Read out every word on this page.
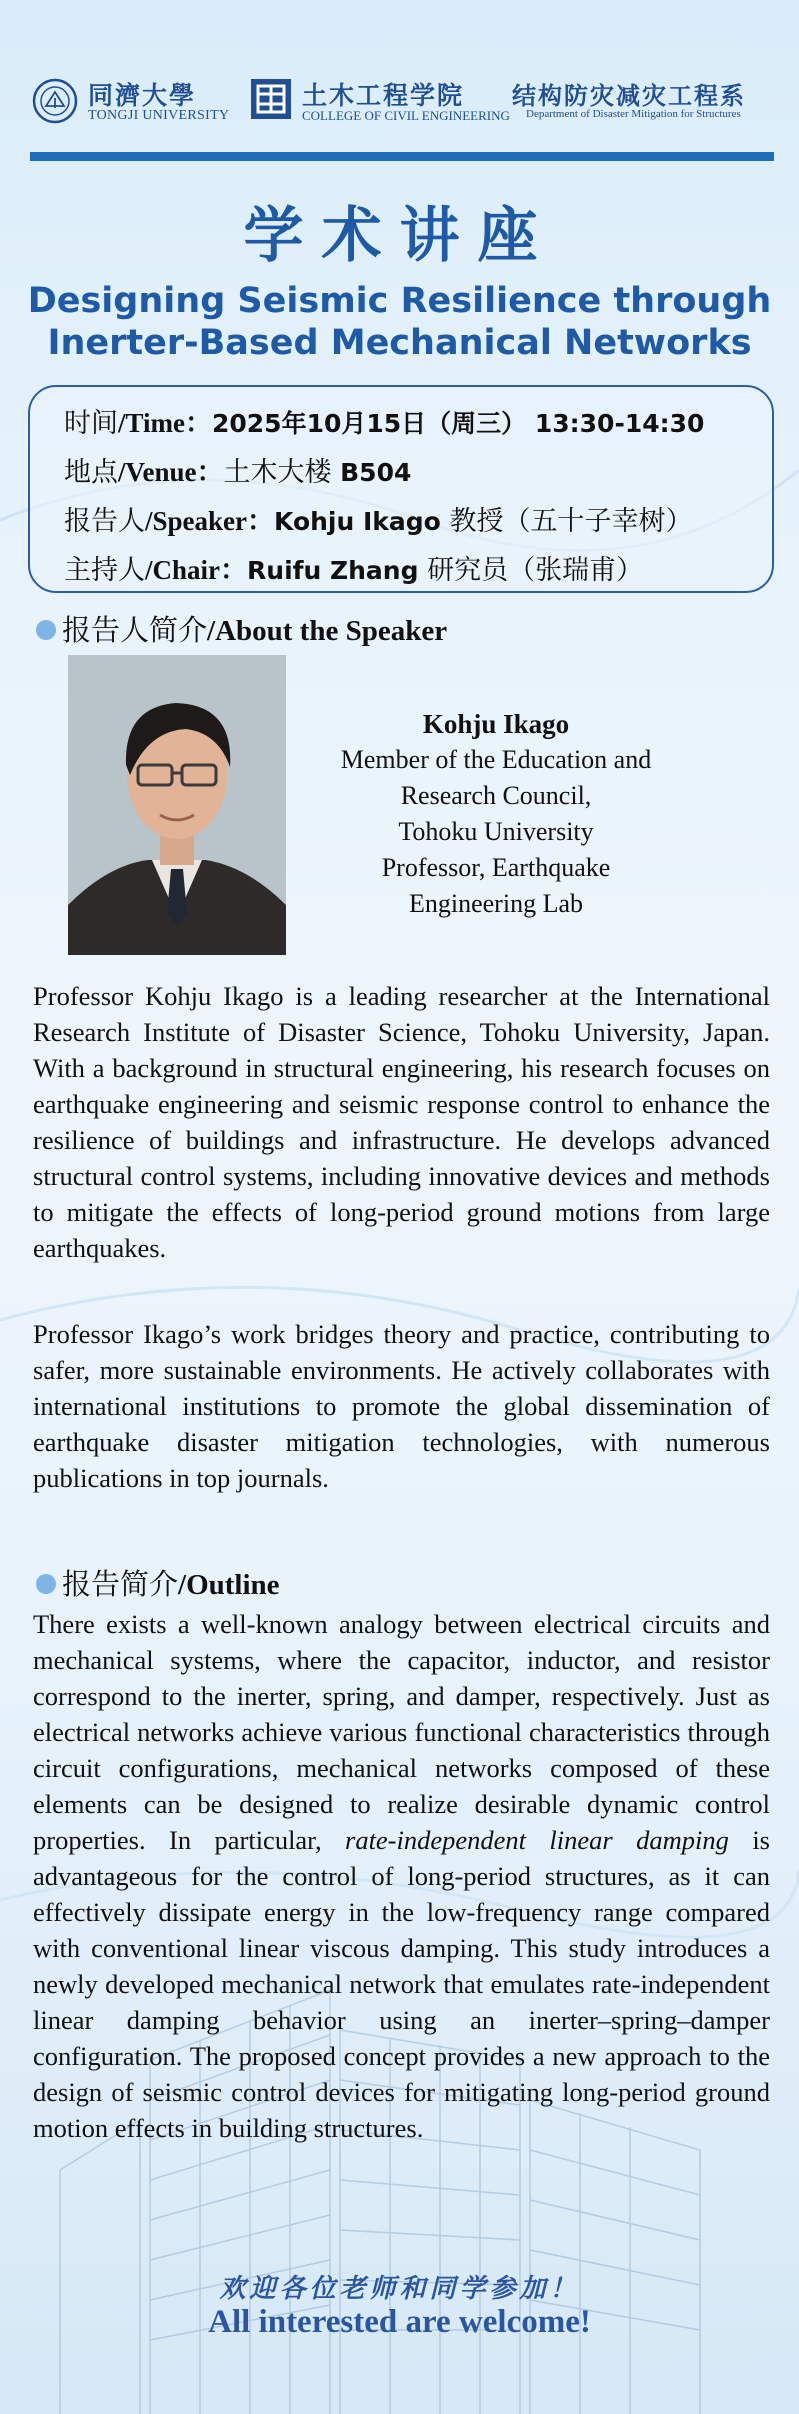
同濟大學
TONGJI UNIVERSITY
土木工程学院
COLLEGE OF CIVIL ENGINEERING
结构防灾减灾工程系
Department of Disaster Mitigation for Structures
学术讲座
Designing Seismic Resilience through
Inerter-Based Mechanical Networks
时间/Time：2025年10月15日（周三） 13:30-14:30
地点/Venue：土木大楼 B504
报告人/Speaker：Kohju Ikago 教授（五十子幸树）
主持人/Chair：Ruifu Zhang 研究员（张瑞甫）
报告人简介/About the Speaker
Kohju Ikago
Member of the Education and
Research Council,
Tohoku University
Professor, Earthquake
Engineering Lab

Professor Kohju Ikago is a leading researcher at the International Research Institute of Disaster Science, Tohoku University, Japan. With a background in structural engineering, his research focuses on earthquake engineering and seismic response control to enhance the resilience of buildings and infrastructure. He develops advanced structural control systems, including innovative devices and methods to mitigate the effects of long-period ground motions from large earthquakes.

Professor Ikago’s work bridges theory and practice, contributing to safer, more sustainable environments. He actively collaborates with international institutions to promote the global dissemination of earthquake disaster mitigation technologies, with numerous publications in top journals.

报告简介/Outline

There exists a well-known analogy between electrical circuits and mechanical systems, where the capacitor, inductor, and resistor correspond to the inerter, spring, and damper, respectively. Just as electrical networks achieve various functional characteristics through circuit configurations, mechanical networks composed of these elements can be designed to realize desirable dynamic control properties. In particular, rate-independent linear damping is advantageous for the control of long-period structures, as it can effectively dissipate energy in the low-frequency range compared with conventional linear viscous damping. This study introduces a newly developed mechanical network that emulates rate-independent linear damping behavior using an inerter–spring–damper configuration. The proposed concept provides a new approach to the design of seismic control devices for mitigating long-period ground motion effects in building structures.

欢迎各位老师和同学参加！
All interested are welcome!
